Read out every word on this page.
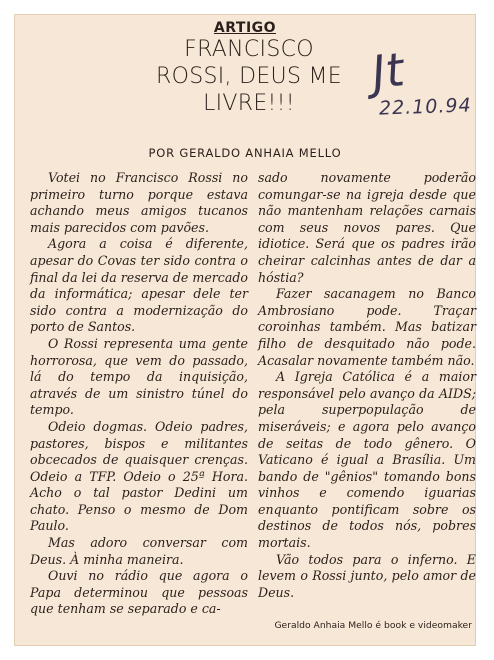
ARTIGO
FRANCISCO
ROSSI, DEUS ME
LIVRE!!!
Jt
22.10.94
POR GERALDO ANHAIA MELLO

Votei no Francisco Rossi no primeiro turno porque estava achando meus amigos tucanos mais parecidos com pavões.

Agora a coisa é diferente, apesar do Covas ter sido contra o final da lei da reserva de mercado da informática; apesar dele ter sido contra a modernização do porto de Santos.

O Rossi representa uma gente horrorosa, que vem do passado, lá do tempo da inquisição, através de um sinistro túnel do tempo.

Odeio dogmas. Odeio padres, pastores, bispos e militantes obcecados de quaisquer crenças. Odeio a TFP. Odeio o 25ª Hora. Acho o tal pastor Dedini um chato. Penso o mesmo de Dom Paulo.

Mas adoro conversar com Deus. À minha maneira.

Ouvi no rádio que agora o Papa determinou que pessoas que tenham se separado e ca-

sado novamente poderão comungar-se na igreja desde que não mantenham relações carnais com seus novos pares. Que idiotice. Será que os padres irão cheirar calcinhas antes de dar a hóstia?

Fazer sacanagem no Banco Ambrosiano pode. Traçar coroinhas também. Mas batizar filho de desquitado não pode. Acasalar novamente também não.

A Igreja Católica é a maior responsável pelo avanço da AIDS; pela superpopulação de miseráveis; e agora pelo avanço de seitas de todo gênero. O Vaticano é igual a Brasília. Um bando de "gênios" tomando bons vinhos e comendo iguarias enquanto pontificam sobre os destinos de todos nós, pobres mortais.

Vão todos para o inferno. E levem o Rossi junto, pelo amor de Deus.

Geraldo Anhaia Mello é book e videomaker
